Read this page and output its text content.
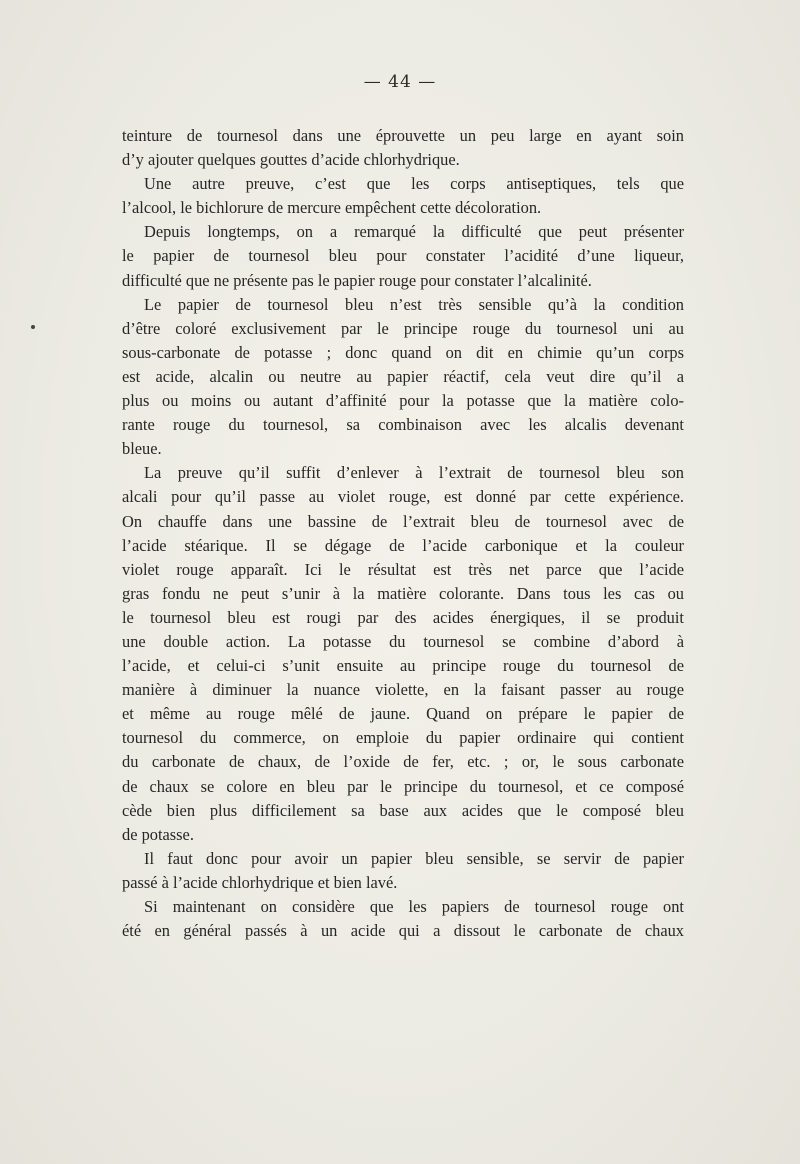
— 44 —
teinture de tournesol dans une éprouvette un peu large en ayant soin
d’y ajouter quelques gouttes d’acide chlorhydrique.
Une autre preuve, c’est que les corps antiseptiques, tels que
l’alcool, le bichlorure de mercure empêchent cette décoloration.
Depuis longtemps, on a remarqué la difficulté que peut présenter
le papier de tournesol bleu pour constater l’acidité d’une liqueur,
difficulté que ne présente pas le papier rouge pour constater l’alcalinité.
Le papier de tournesol bleu n’est très sensible qu’à la condition
d’être coloré exclusivement par le principe rouge du tournesol uni au
sous-carbonate de potasse ; donc quand on dit en chimie qu’un corps
est acide, alcalin ou neutre au papier réactif, cela veut dire qu’il a
plus ou moins ou autant d’affinité pour la potasse que la matière colo-
rante rouge du tournesol, sa combinaison avec les alcalis devenant
bleue.
La preuve qu’il suffit d’enlever à l’extrait de tournesol bleu son
alcali pour qu’il passe au violet rouge, est donné par cette expérience.
On chauffe dans une bassine de l’extrait bleu de tournesol avec de
l’acide stéarique. Il se dégage de l’acide carbonique et la couleur
violet rouge apparaît. Ici le résultat est très net parce que l’acide
gras fondu ne peut s’unir à la matière colorante. Dans tous les cas ou
le tournesol bleu est rougi par des acides énergiques, il se produit
une double action. La potasse du tournesol se combine d’abord à
l’acide, et celui-ci s’unit ensuite au principe rouge du tournesol de
manière à diminuer la nuance violette, en la faisant passer au rouge
et même au rouge mêlé de jaune. Quand on prépare le papier de
tournesol du commerce, on emploie du papier ordinaire qui contient
du carbonate de chaux, de l’oxide de fer, etc. ; or, le sous carbonate
de chaux se colore en bleu par le principe du tournesol, et ce composé
cède bien plus difficilement sa base aux acides que le composé bleu
de potasse.
Il faut donc pour avoir un papier bleu sensible, se servir de papier
passé à l’acide chlorhydrique et bien lavé.
Si maintenant on considère que les papiers de tournesol rouge ont
été en général passés à un acide qui a dissout le carbonate de chaux
